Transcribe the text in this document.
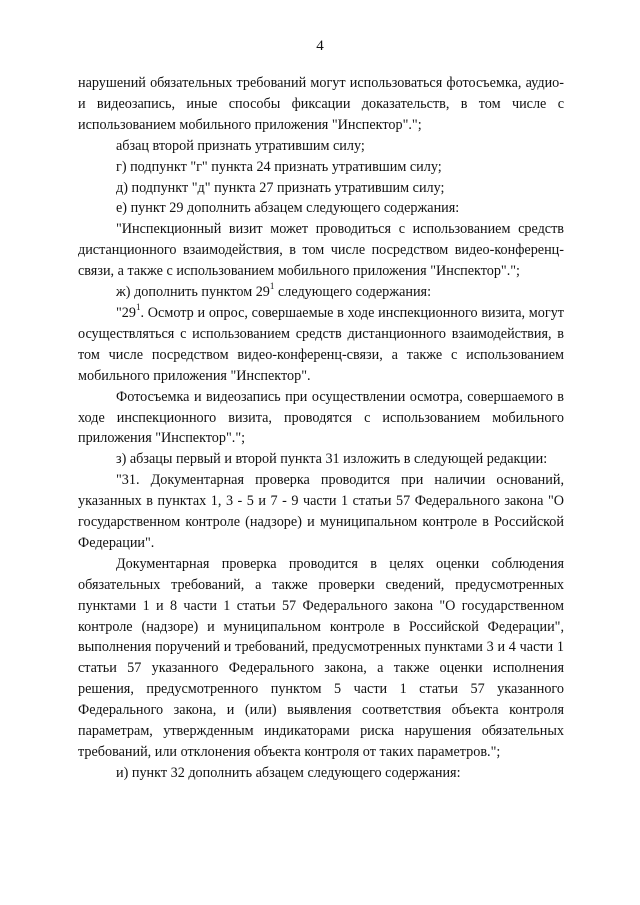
4

нарушений обязательных требований могут использоваться фотосъемка, аудио- и видеозапись, иные способы фиксации доказательств, в том числе с использованием мобильного приложения "Инспектор".";

абзац второй признать утратившим силу;

г) подпункт "г" пункта 24 признать утратившим силу;

д) подпункт "д" пункта 27 признать утратившим силу;

е) пункт 29 дополнить абзацем следующего содержания:

"Инспекционный визит может проводиться с использованием средств дистанционного взаимодействия, в том числе посредством видео-конференц-связи, а также с использованием мобильного приложения "Инспектор".";

ж) дополнить пунктом $29^1$ следующего содержания:

"$29^1$. Осмотр и опрос, совершаемые в ходе инспекционного визита, могут осуществляться с использованием средств дистанционного взаимодействия, в том числе посредством видео-конференц-связи, а также с использованием мобильного приложения "Инспектор".

Фотосъемка и видеозапись при осуществлении осмотра, совершаемого в ходе инспекционного визита, проводятся с использованием мобильного приложения "Инспектор".";

з) абзацы первый и второй пункта 31 изложить в следующей редакции:

"31. Документарная проверка проводится при наличии оснований, указанных в пунктах 1, 3 - 5 и 7 - 9 части 1 статьи 57 Федерального закона "О государственном контроле (надзоре) и муниципальном контроле в Российской Федерации".

Документарная проверка проводится в целях оценки соблюдения обязательных требований, а также проверки сведений, предусмотренных пунктами 1 и 8 части 1 статьи 57 Федерального закона "О государственном контроле (надзоре) и муниципальном контроле в Российской Федерации", выполнения поручений и требований, предусмотренных пунктами 3 и 4 части 1 статьи 57 указанного Федерального закона, а также оценки исполнения решения, предусмотренного пунктом 5 части 1 статьи 57 указанного Федерального закона, и (или) выявления соответствия объекта контроля параметрам, утвержденным индикаторами риска нарушения обязательных требований, или отклонения объекта контроля от таких параметров.";

и) пункт 32 дополнить абзацем следующего содержания:
